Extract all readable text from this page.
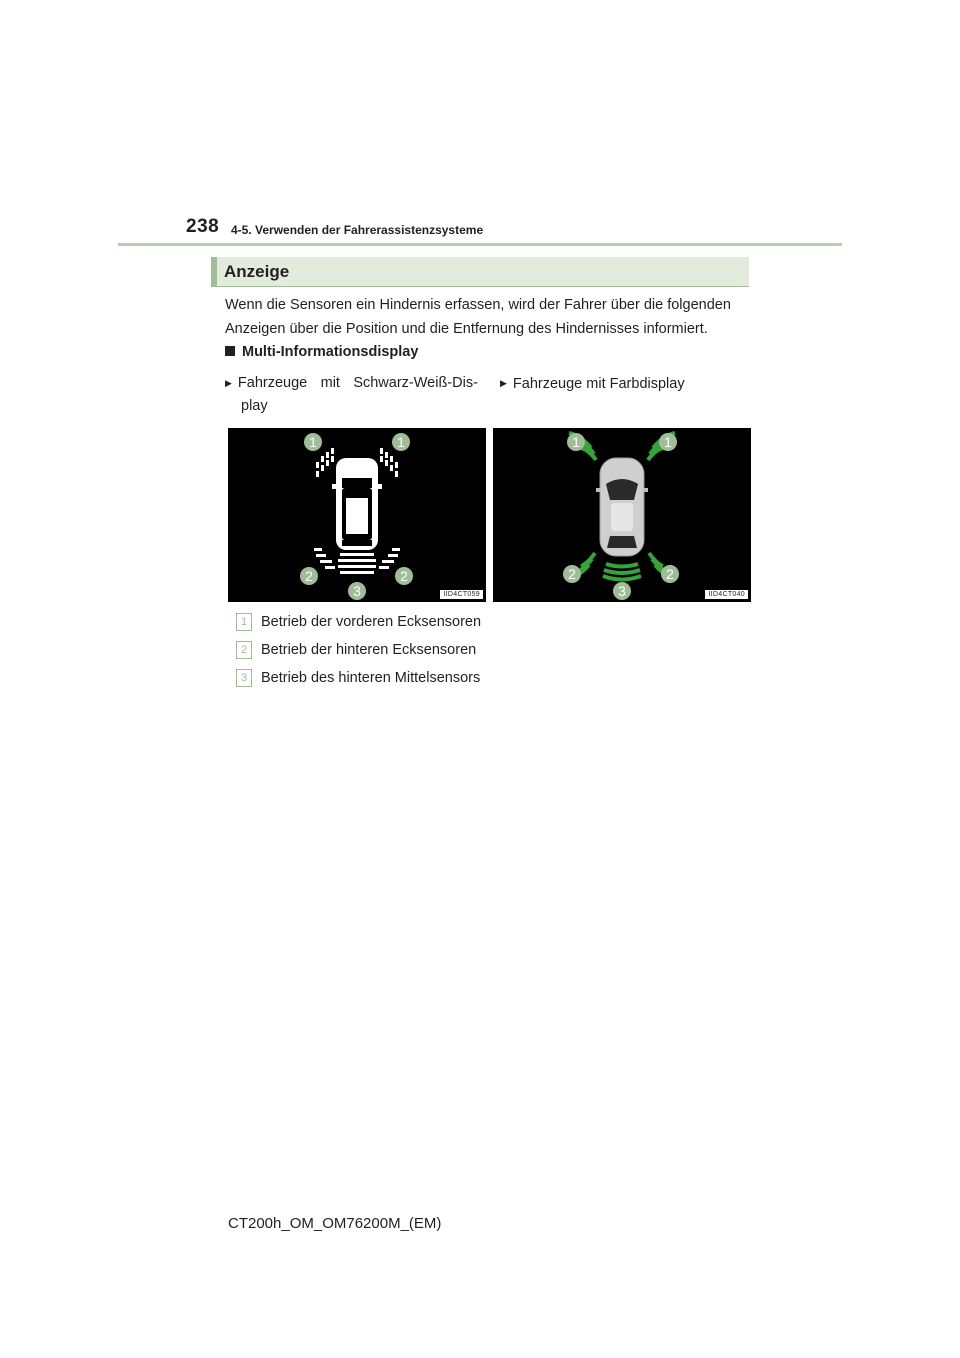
238 4-5. Verwenden der Fahrerassistenzsysteme
Anzeige
Wenn die Sensoren ein Hindernis erfassen, wird der Fahrer über die folgenden Anzeigen über die Position und die Entfernung des Hindernisses informiert.
Multi-Informationsdisplay
▶ Fahrzeuge mit Schwarz-Weiß-Dis-
play
▶ Fahrzeuge mit Farbdisplay
1	1
2	2
3	IID4CT059
1	1
2	2
3	IID4CT040
1 Betrieb der vorderen Ecksensoren
2 Betrieb der hinteren Ecksensoren
3 Betrieb des hinteren Mittelsensors
CT200h_OM_OM76200M_(EM)
